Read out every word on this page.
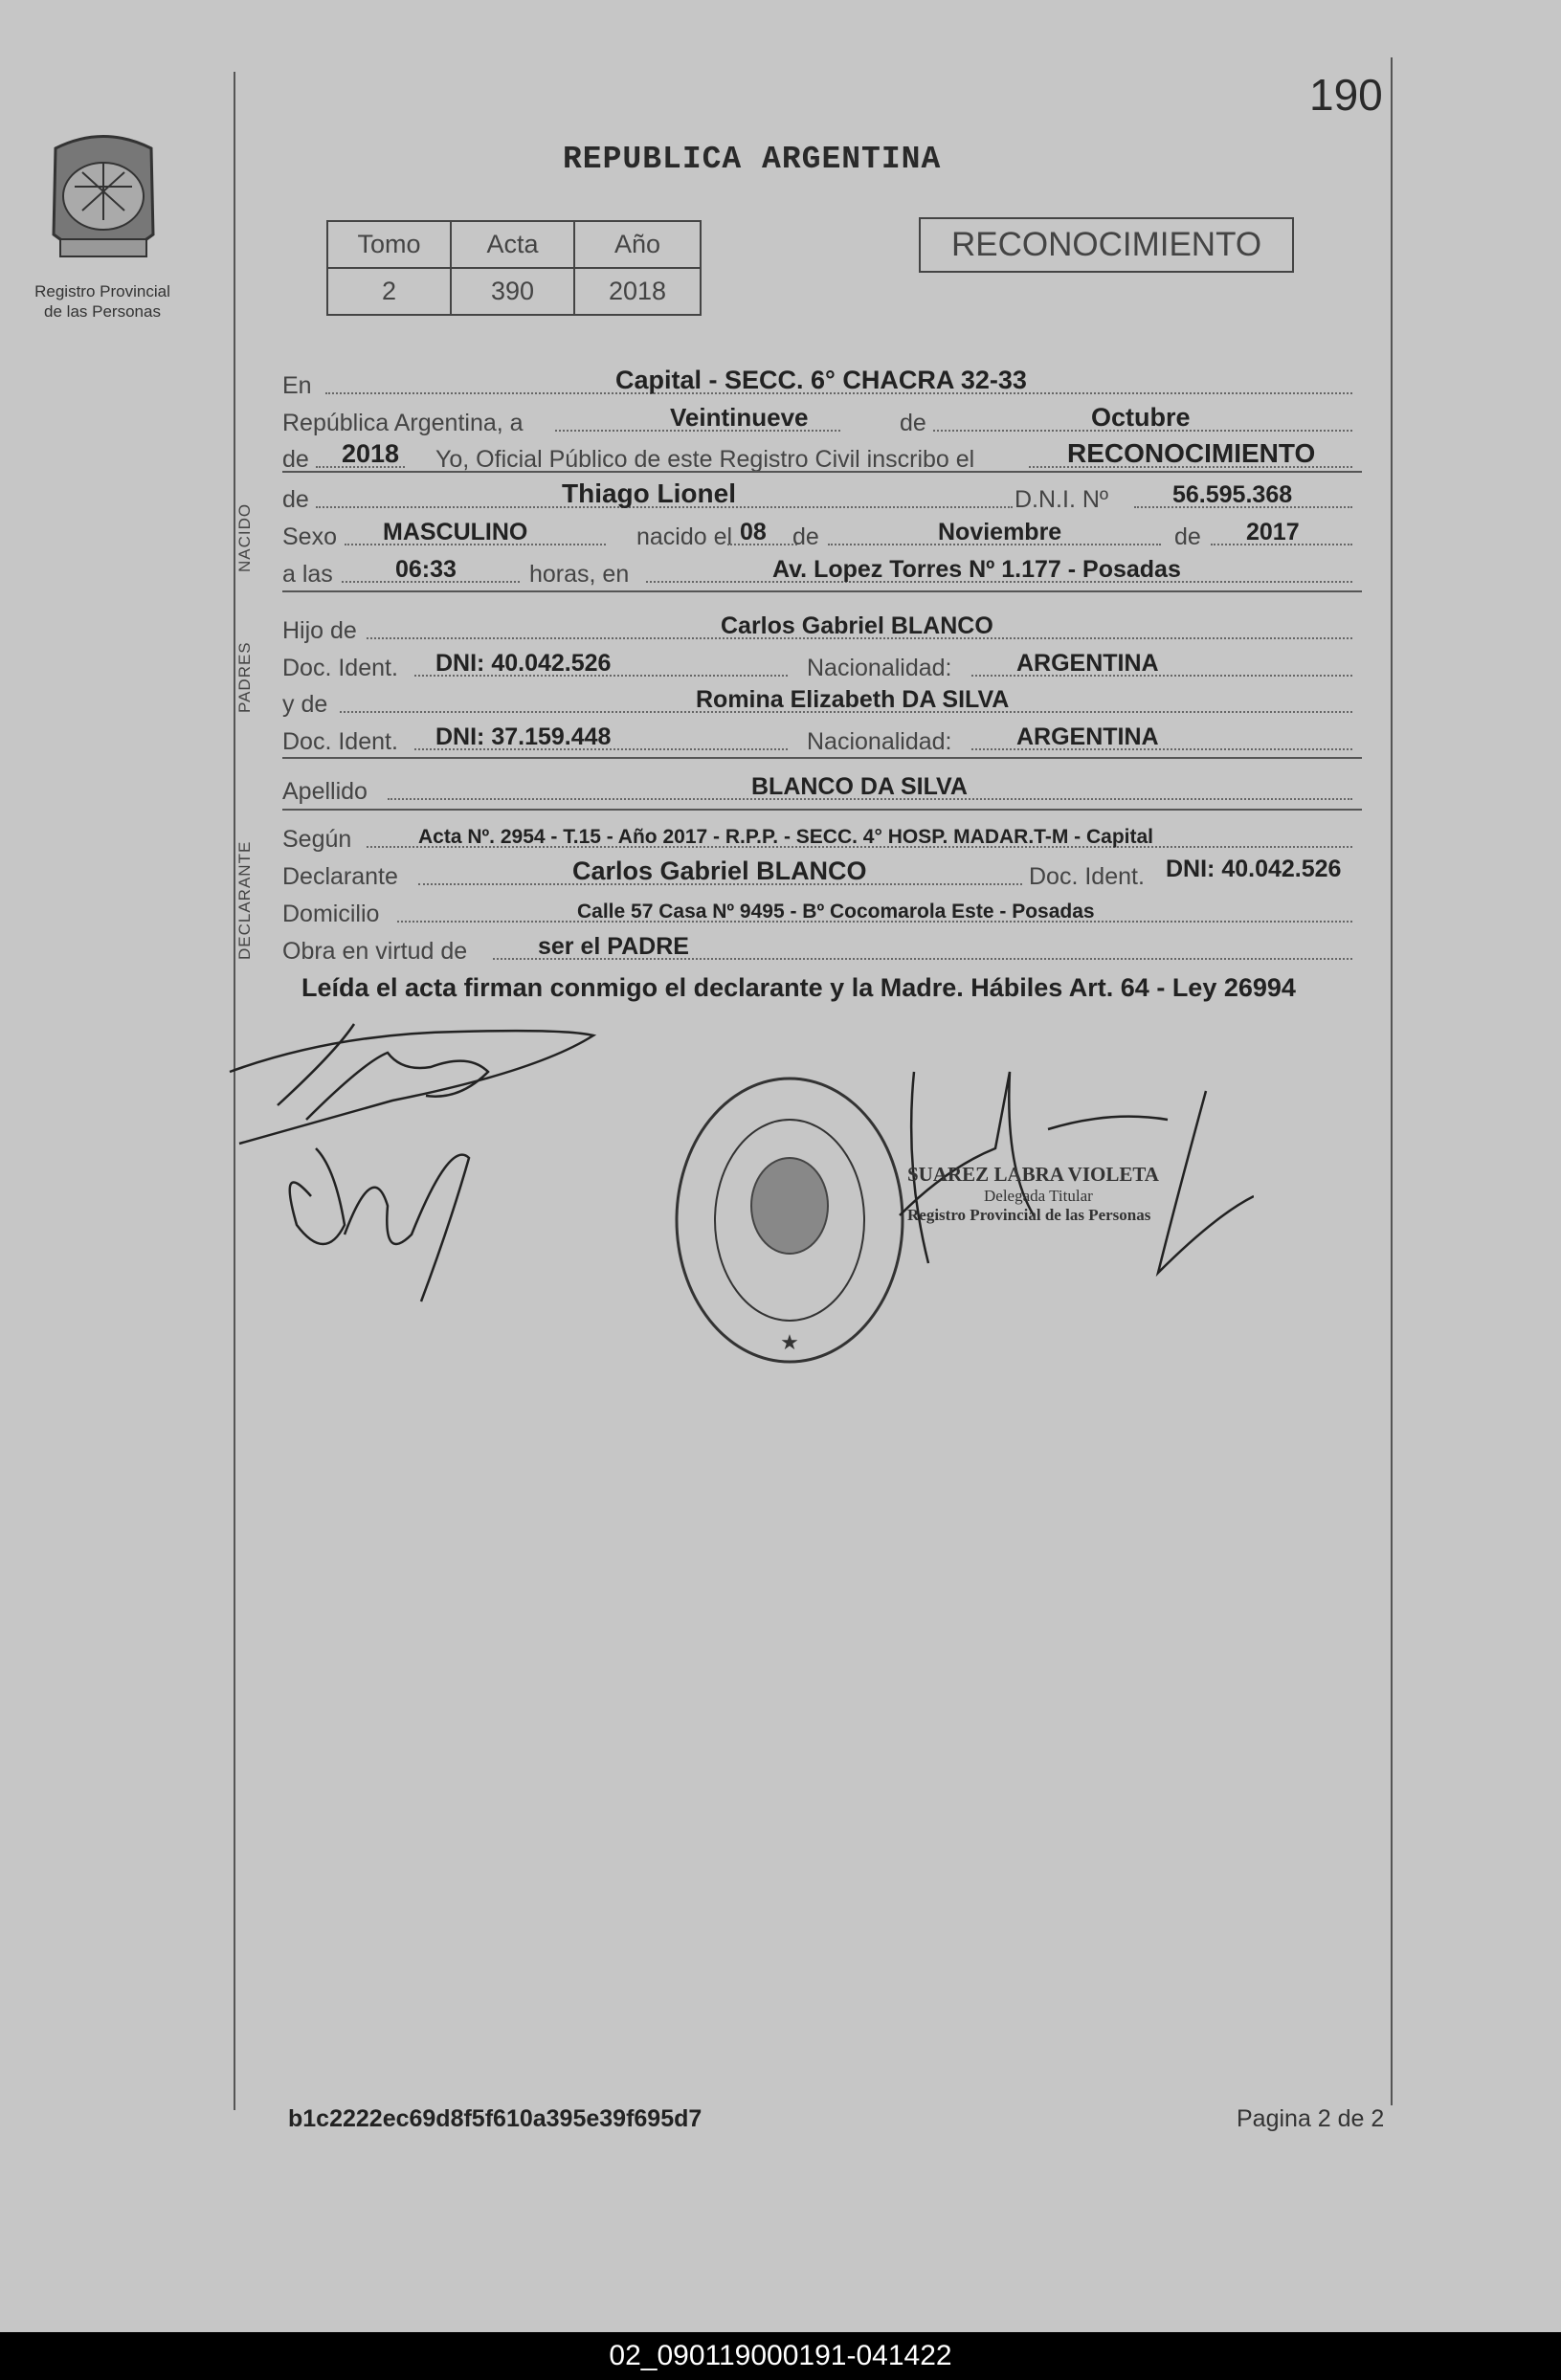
190
Registro Provincial
de las Personas
REPUBLICA ARGENTINA
Tomo	Acta	Año
2	390	2018
RECONOCIMIENTO
NACIDO
PADRES
DECLARANTE
En	Capital - SECC. 6° CHACRA 32-33
República Argentina, a	Veintinueve	de	Octubre
de 2018 Yo, Oficial Público de este Registro Civil inscribo el	RECONOCIMIENTO
de	Thiago Lionel	D.N.I. Nº	56.595.368
Sexo MASCULINO	nacido el 08 de	Noviembre	de 2017
a las	06:33	horas, en	Av. Lopez Torres Nº 1.177 - Posadas
Hijo de	Carlos Gabriel BLANCO
Doc. Ident. DNI: 40.042.526	Nacionalidad:	ARGENTINA
y de	Romina Elizabeth DA SILVA
Doc. Ident. DNI: 37.159.448	Nacionalidad:	ARGENTINA
Apellido	BLANCO DA SILVA
Según	Acta Nº. 2954 - T.15 - Año 2017 - R.P.P. - SECC. 4° HOSP. MADAR.T-M - Capital
Declarante	Carlos Gabriel BLANCO	Doc. Ident. DNI: 40.042.526
Domicilio	Calle 57 Casa Nº 9495 - Bº Cocomarola Este - Posadas
Obra en virtud de	ser el PADRE
Leída el acta firman conmigo el declarante y la Madre. Hábiles Art. 64 - Ley 26994
★
SUAREZ LABRA VIOLETA
Delegada Titular
Registro Provincial de las Personas
b1c2222ec69d8f5f610a395e39f695d7	Pagina 2 de 2
02_090119000191-041422
